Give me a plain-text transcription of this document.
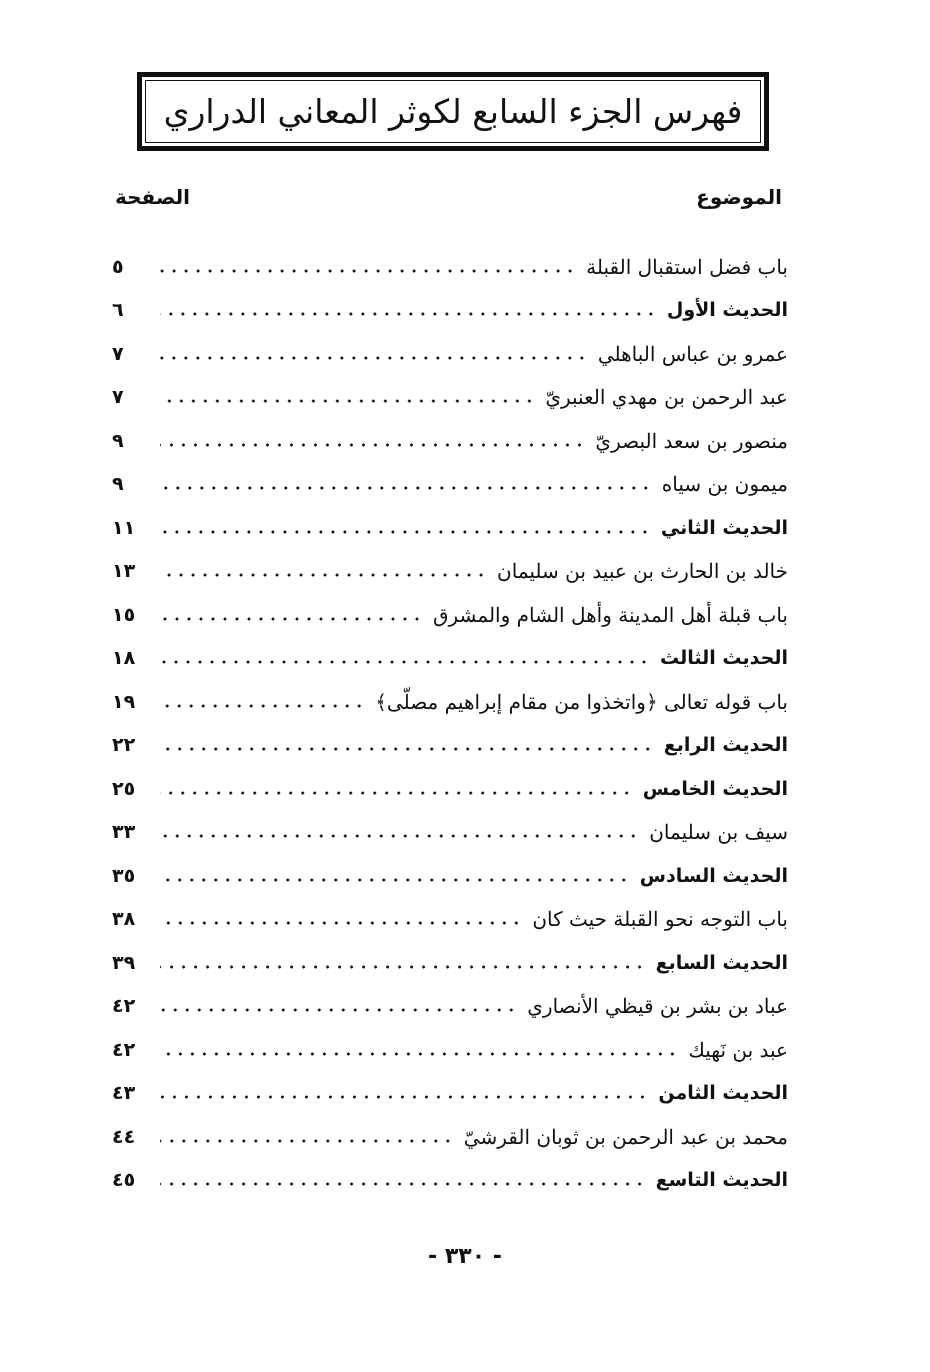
فهرس الجزء السابع لكوثر المعاني الدراري
الموضوع
الصفحة
باب فضل استقبال القبلة
٥
الحديث الأول
٦
عمرو بن عباس الباهلي
٧
عبد الرحمن بن مهدي العنبريّ
٧
منصور بن سعد البصريّ
٩
ميمون بن سياه
٩
الحديث الثاني
١١
خالد بن الحارث بن عبيد بن سليمان
١٣
باب قبلة أهل المدينة وأهل الشام والمشرق
١٥
الحديث الثالث
١٨
باب قوله تعالى ﴿واتخذوا من مقام إبراهيم مصلّى﴾
١٩
الحديث الرابع
٢٢
الحديث الخامس
٢٥
سيف بن سليمان
٣٣
الحديث السادس
٣٥
باب التوجه نحو القبلة حيث كان
٣٨
الحديث السابع
٣٩
عباد بن بشر بن قيظي الأنصاري
٤٢
عبد بن نَهيك
٤٢
الحديث الثامن
٤٣
محمد بن عبد الرحمن بن ثوبان القرشيّ
٤٤
الحديث التاسع
٤٥
- ٣٣٠ -
